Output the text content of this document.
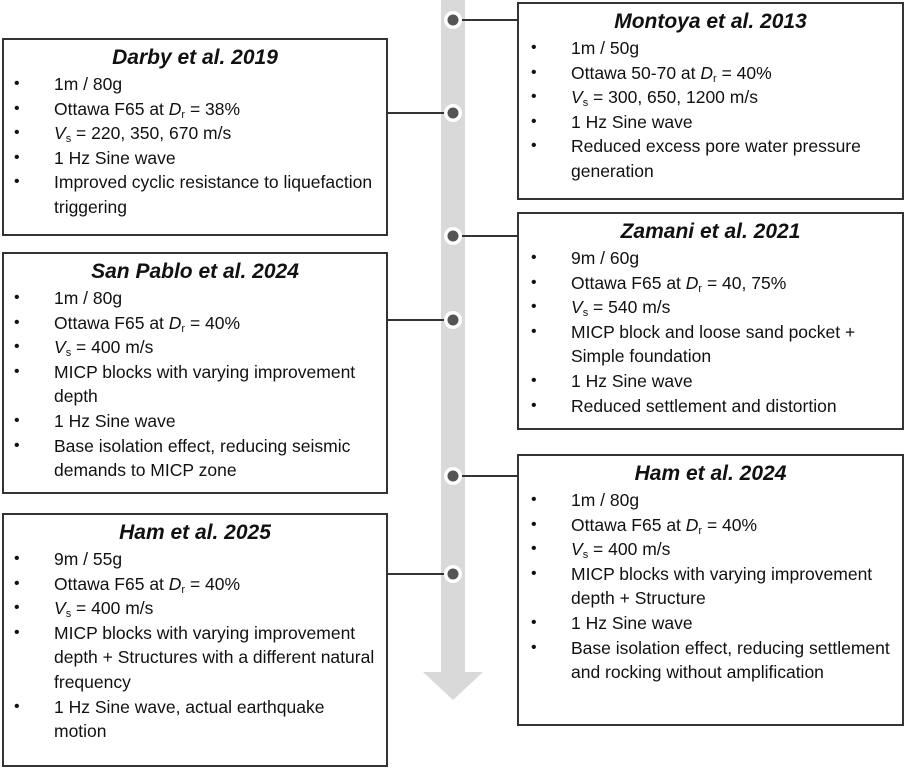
Darby et al. 2019
• 1m / 80g
• Ottawa F65 at $D_r = 38\%$
• $V_s = 220$, 350, 670 m/s
• 1 Hz Sine wave
• Improved cyclic resistance to liquefaction triggering
San Pablo et al. 2024
• 1m / 80g
• Ottawa F65 at $D_r = 40\%$
• $V_s = 400$ m/s
• MICP blocks with varying improvement depth
• 1 Hz Sine wave
• Base isolation effect, reducing seismic demands to MICP zone
Ham et al. 2025
• 9m / 55g
• Ottawa F65 at $D_r = 40\%$
• $V_s = 400$ m/s
• MICP blocks with varying improvement depth + Structures with a different natural frequency
• 1 Hz Sine wave, actual earthquake motion
Montoya et al. 2013
• 1m / 50g
• Ottawa 50-70 at $D_r = 40\%$
• $V_s = 300$, 650, 1200 m/s
• 1 Hz Sine wave
• Reduced excess pore water pressure generation
Zamani et al. 2021
• 9m / 60g
• Ottawa F65 at $D_r = 40$, 75%
• $V_s = 540$ m/s
• MICP block and loose sand pocket + Simple foundation
• 1 Hz Sine wave
• Reduced settlement and distortion
Ham et al. 2024
• 1m / 80g
• Ottawa F65 at $D_r = 40\%$
• $V_s = 400$ m/s
• MICP blocks with varying improvement depth + Structure
• 1 Hz Sine wave
• Base isolation effect, reducing settlement and rocking without amplification
